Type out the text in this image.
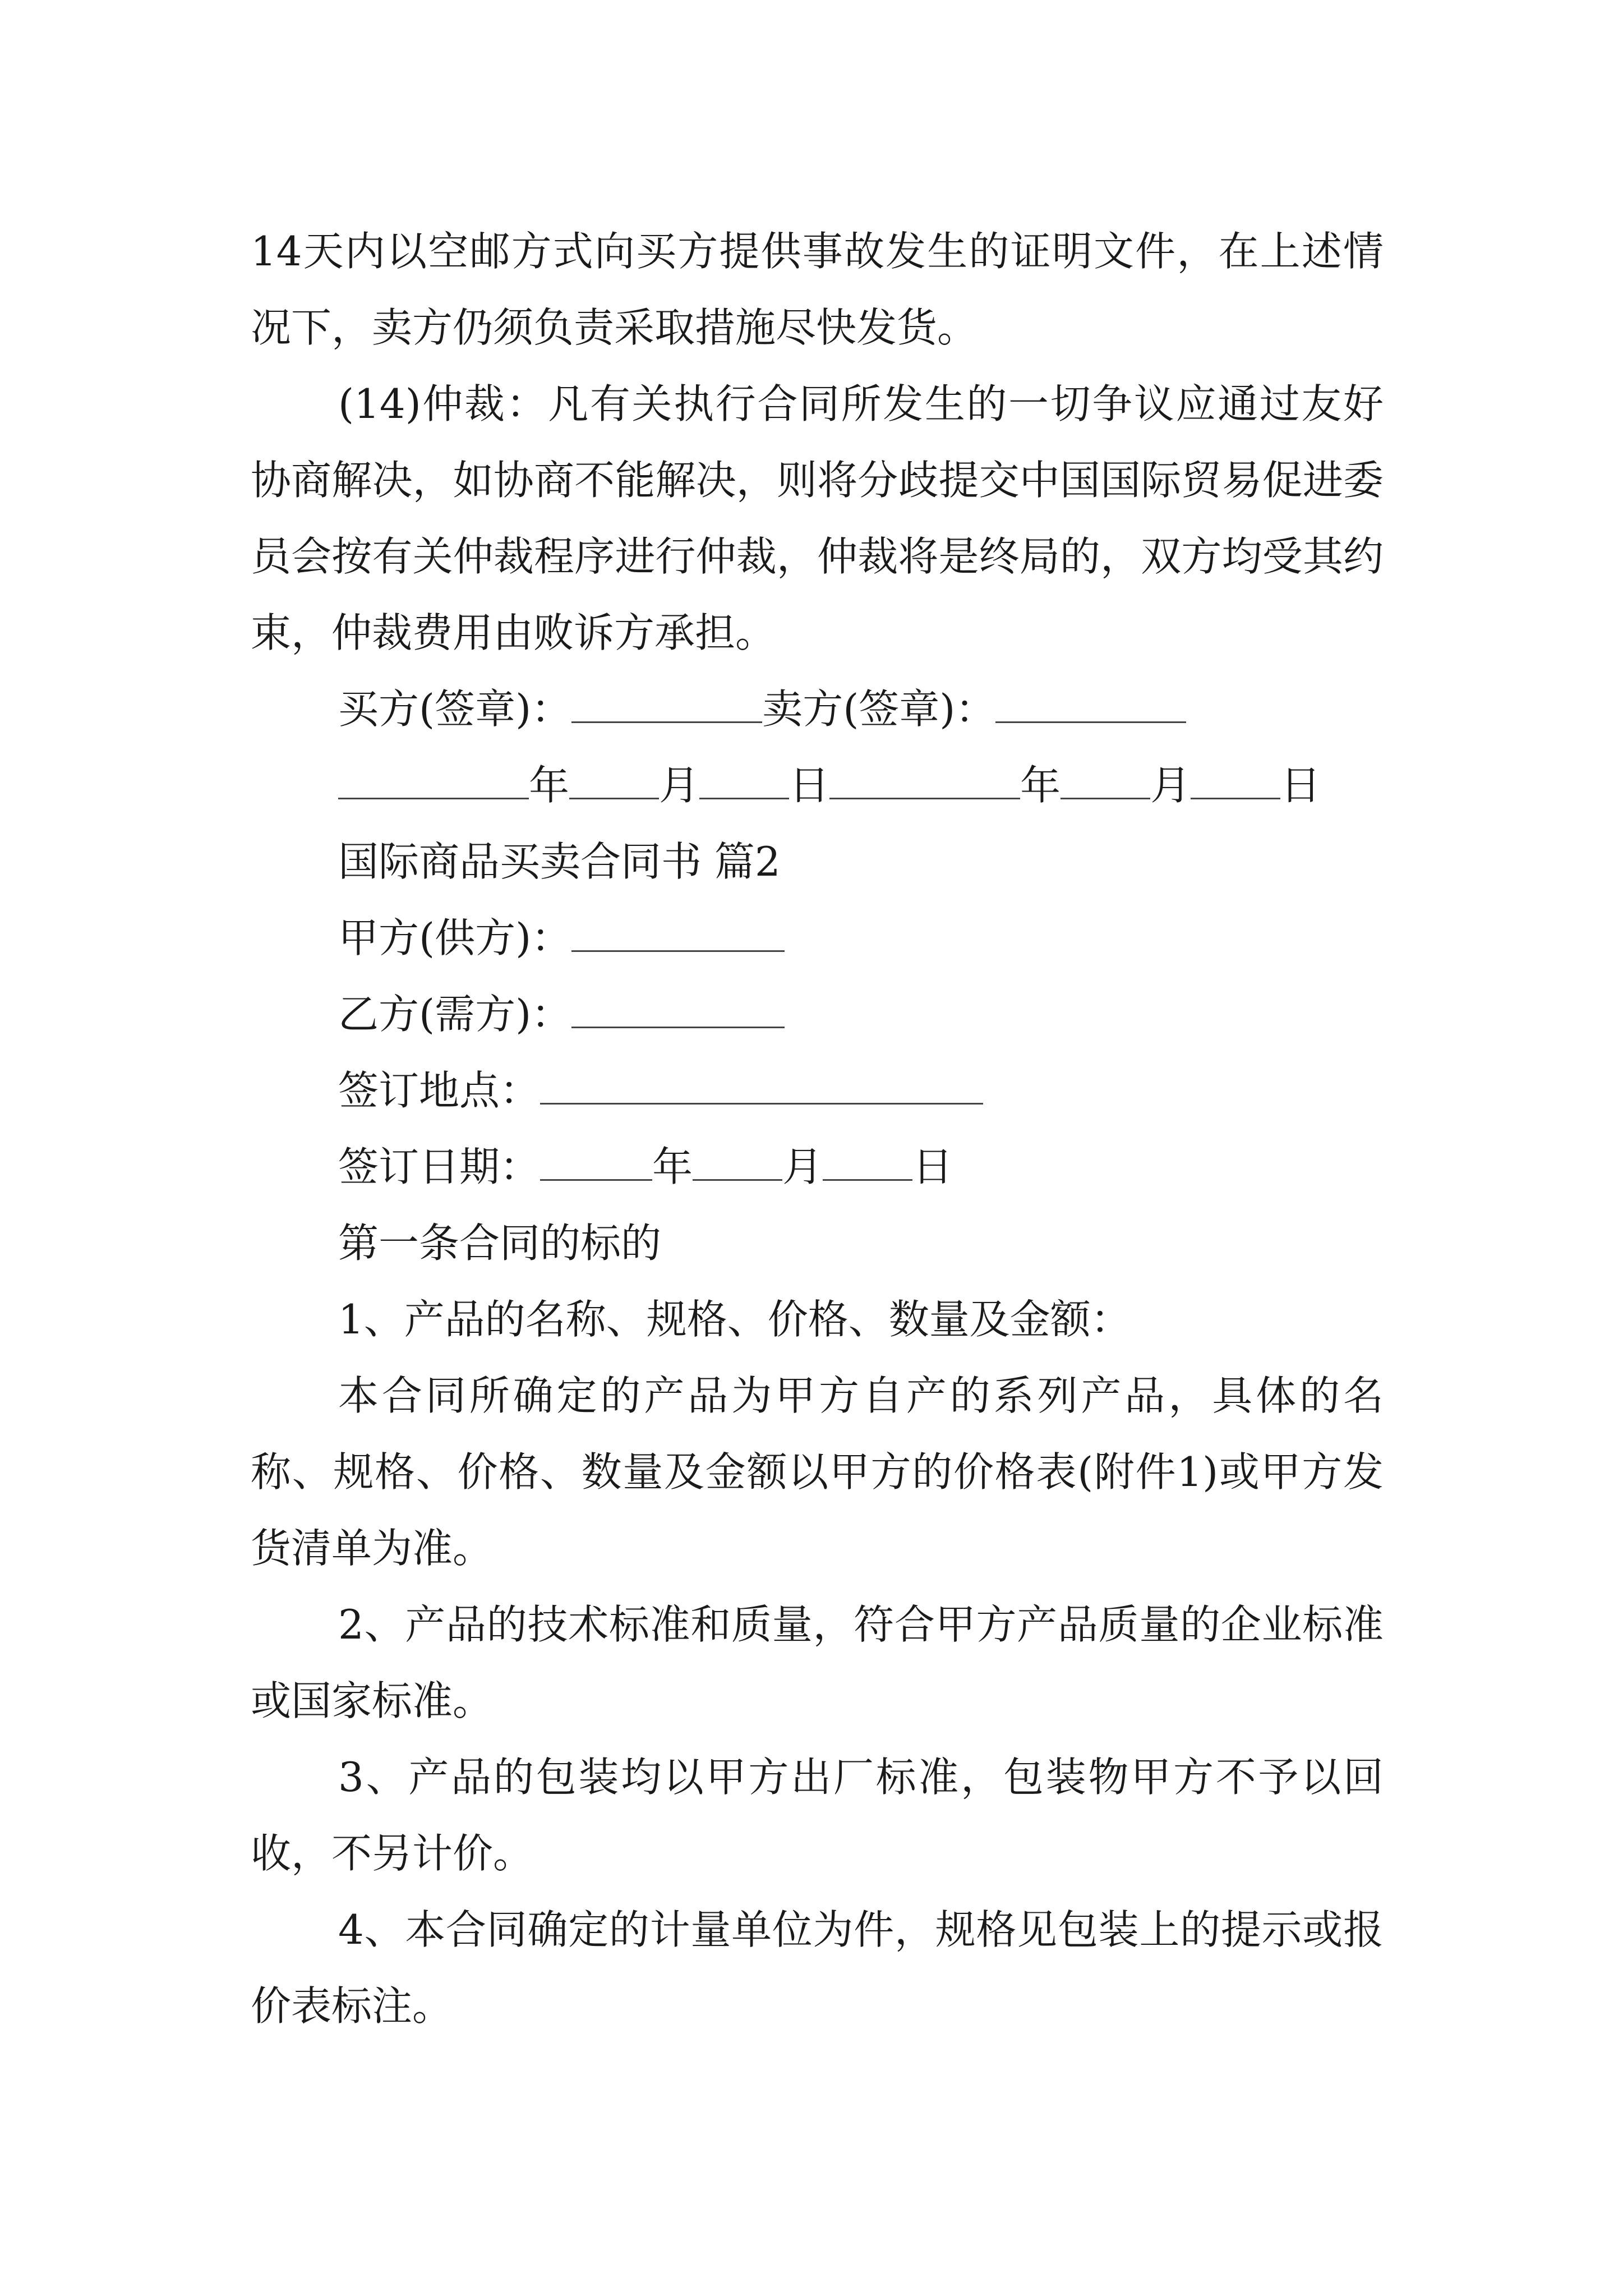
14天内以空邮方式向买方提供事故发生的证明文件，在上述情况下，卖方仍须负责采取措施尽快发货。

(14)仲裁：凡有关执行合同所发生的一切争议应通过友好协商解决，如协商不能解决，则将分歧提交中国国际贸易促进委员会按有关仲裁程序进行仲裁，仲裁将是终局的，双方均受其约束，仲裁费用由败诉方承担。

买方(签章)：	卖方(签章)：

年 月 日	年 月 日

国际商品买卖合同书 篇2

甲方(供方)：

乙方(需方)：

签订地点：

签订日期：	年 月 日

第一条合同的标的

1、产品的名称、规格、价格、数量及金额：

本合同所确定的产品为甲方自产的系列产品，具体的名称、规格、价格、数量及金额以甲方的价格表(附件1)或甲方发货清单为准。

2、产品的技术标准和质量，符合甲方产品质量的企业标准或国家标准。

3、产品的包装均以甲方出厂标准，包装物甲方不予以回收，不另计价。

4、本合同确定的计量单位为件，规格见包装上的提示或报价表标注。
